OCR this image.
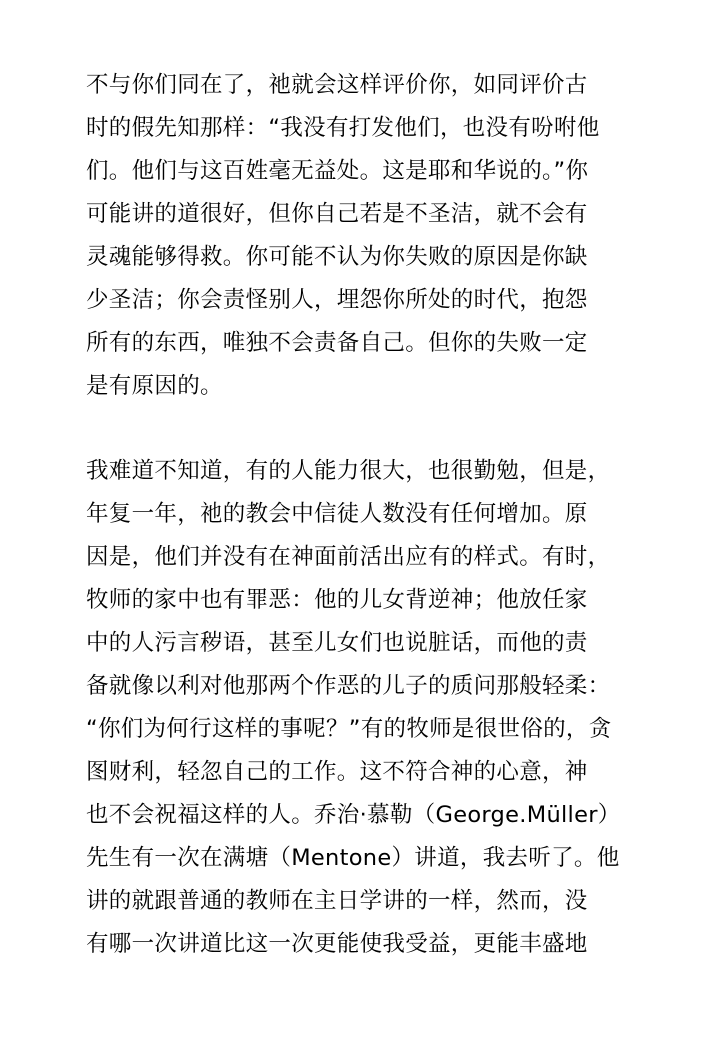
不与你们同在了，祂就会这样评价你，如同评价古
时的假先知那样：“我没有打发他们，也没有吩咐他
们。他们与这百姓毫无益处。这是耶和华说的。”你
可能讲的道很好，但你自己若是不圣洁，就不会有
灵魂能够得救。你可能不认为你失败的原因是你缺
少圣洁；你会责怪别人，埋怨你所处的时代，抱怨
所有的东西，唯独不会责备自己。但你的失败一定
是有原因的。
我难道不知道，有的人能力很大，也很勤勉，但是，
年复一年，祂的教会中信徒人数没有任何增加。原
因是，他们并没有在神面前活出应有的样式。有时，
牧师的家中也有罪恶：他的儿女背逆神；他放任家
中的人污言秽语，甚至儿女们也说脏话，而他的责
备就像以利对他那两个作恶的儿子的质问那般轻柔：
“你们为何行这样的事呢？”有的牧师是很世俗的，贪
图财利，轻忽自己的工作。这不符合神的心意，神
也不会祝福这样的人。乔治·慕勒（George.Müller）
先生有一次在满塘（Mentone）讲道，我去听了。他
讲的就跟普通的教师在主日学讲的一样，然而，没
有哪一次讲道比这一次更能使我受益，更能丰盛地
